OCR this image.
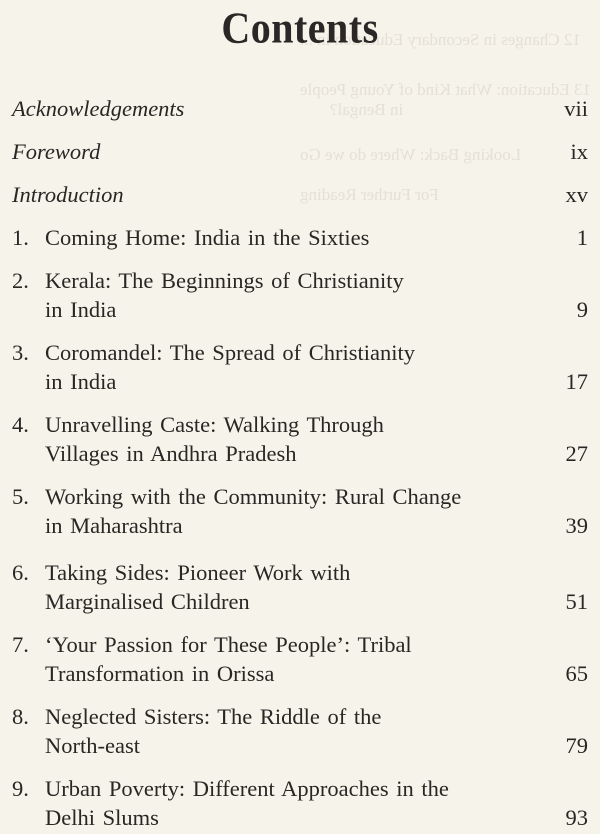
12 Changes in Secondary Education in ...
13 Education: What Kind of Young People
in Bengal?
Looking Back: Where do we Go
For Further Reading
Contents
Acknowledgements	vii
Foreword	ix
Introduction	xv
1. Coming Home: India in the Sixties	1
2. Kerala: The Beginnings of Christianity
in India	9
3. Coromandel: The Spread of Christianity
in India	17
4. Unravelling Caste: Walking Through
Villages in Andhra Pradesh	27
5. Working with the Community: Rural Change
in Maharashtra	39
6. Taking Sides: Pioneer Work with
Marginalised Children	51
7. ‘Your Passion for These People’: Tribal
Transformation in Orissa	65
8. Neglected Sisters: The Riddle of the
North-east	79
9. Urban Poverty: Different Approaches in the
Delhi Slums	93
